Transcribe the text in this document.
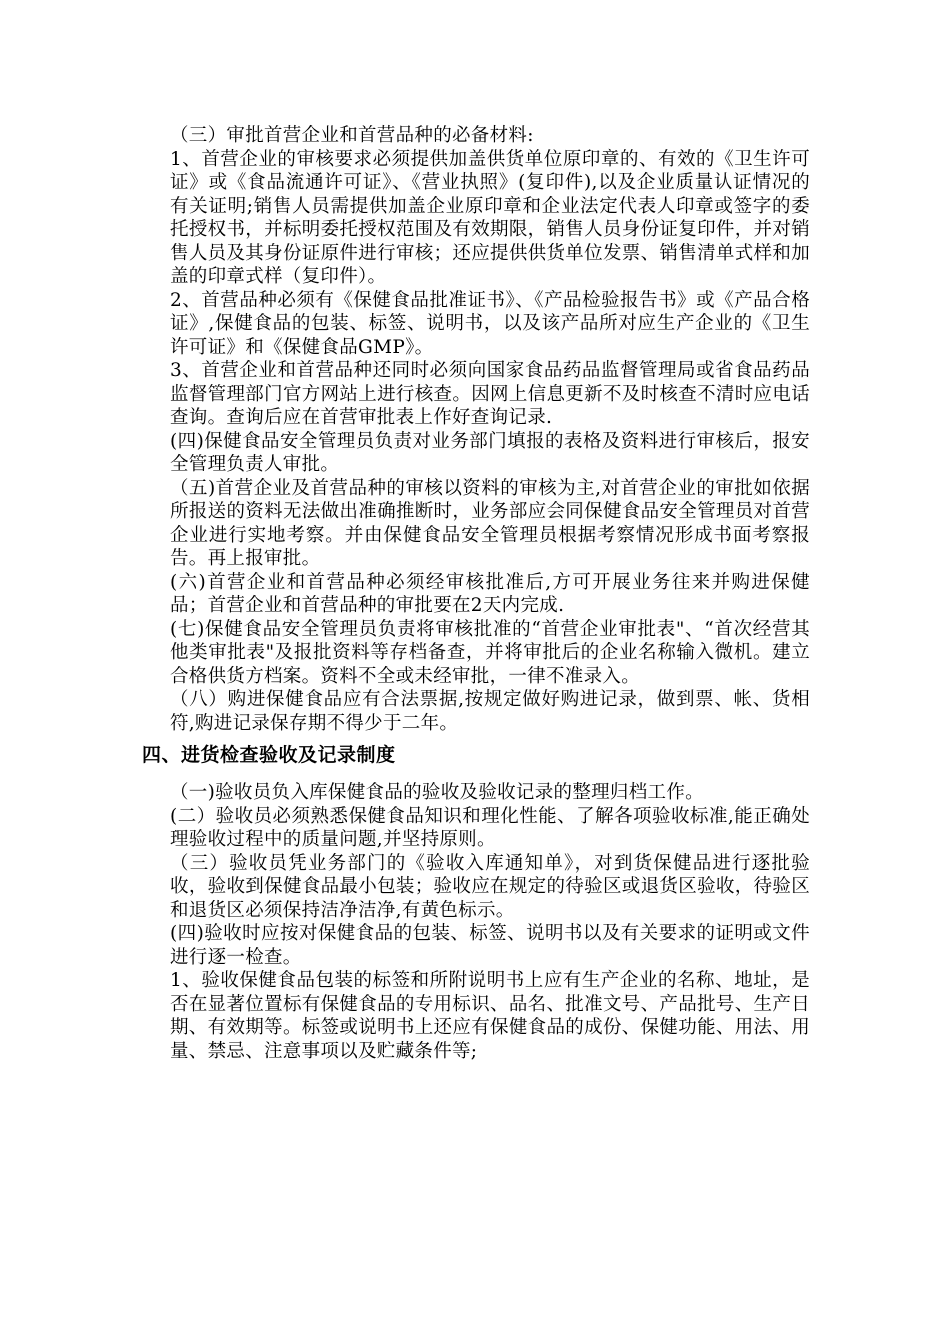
（三）审批首营企业和首营品种的必备材料:

1、首营企业的审核要求必须提供加盖供货单位原印章的、有效的《卫生许可证》或《食品流通许可证》、《营业执照》(复印件),以及企业质量认证情况的有关证明;销售人员需提供加盖企业原印章和企业法定代表人印章或签字的委托授权书，并标明委托授权范围及有效期限，销售人员身份证复印件，并对销售人员及其身份证原件进行审核；还应提供供货单位发票、销售清单式样和加盖的印章式样（复印件）。

2、首营品种必须有《保健食品批准证书》、《产品检验报告书》或《产品合格证》,保健食品的包装、标签、说明书，以及该产品所对应生产企业的《卫生许可证》和《保健食品GMP》。

3、首营企业和首营品种还同时必须向国家食品药品监督管理局或省食品药品监督管理部门官方网站上进行核查。因网上信息更新不及时核查不清时应电话查询。查询后应在首营审批表上作好查询记录.

(四)保健食品安全管理员负责对业务部门填报的表格及资料进行审核后，报安全管理负责人审批。

（五)首营企业及首营品种的审核以资料的审核为主,对首营企业的审批如依据所报送的资料无法做出准确推断时，业务部应会同保健食品安全管理员对首营企业进行实地考察。并由保健食品安全管理员根据考察情况形成书面考察报告。再上报审批。

(六)首营企业和首营品种必须经审核批准后,方可开展业务往来并购进保健品；首营企业和首营品种的审批要在2天内完成.

(七)保健食品安全管理员负责将审核批准的“首营企业审批表"、“首次经营其他类审批表"及报批资料等存档备查，并将审批后的企业名称输入微机。建立合格供货方档案。资料不全或未经审批，一律不准录入。

（八）购进保健食品应有合法票据,按规定做好购进记录，做到票、帐、货相符,购进记录保存期不得少于二年。

四、进货检查验收及记录制度

（一)验收员负入库保健食品的验收及验收记录的整理归档工作。

(二）验收员必须熟悉保健食品知识和理化性能、了解各项验收标准,能正确处理验收过程中的质量问题,并坚持原则。

（三）验收员凭业务部门的《验收入库通知单》，对到货保健品进行逐批验收，验收到保健食品最小包装；验收应在规定的待验区或退货区验收，待验区和退货区必须保持洁净洁净,有黄色标示。

(四)验收时应按对保健食品的包装、标签、说明书以及有关要求的证明或文件进行逐一检查。

1、验收保健食品包装的标签和所附说明书上应有生产企业的名称、地址，是否在显著位置标有保健食品的专用标识、品名、批准文号、产品批号、生产日期、有效期等。标签或说明书上还应有保健食品的成份、保健功能、用法、用量、禁忌、注意事项以及贮藏条件等;
